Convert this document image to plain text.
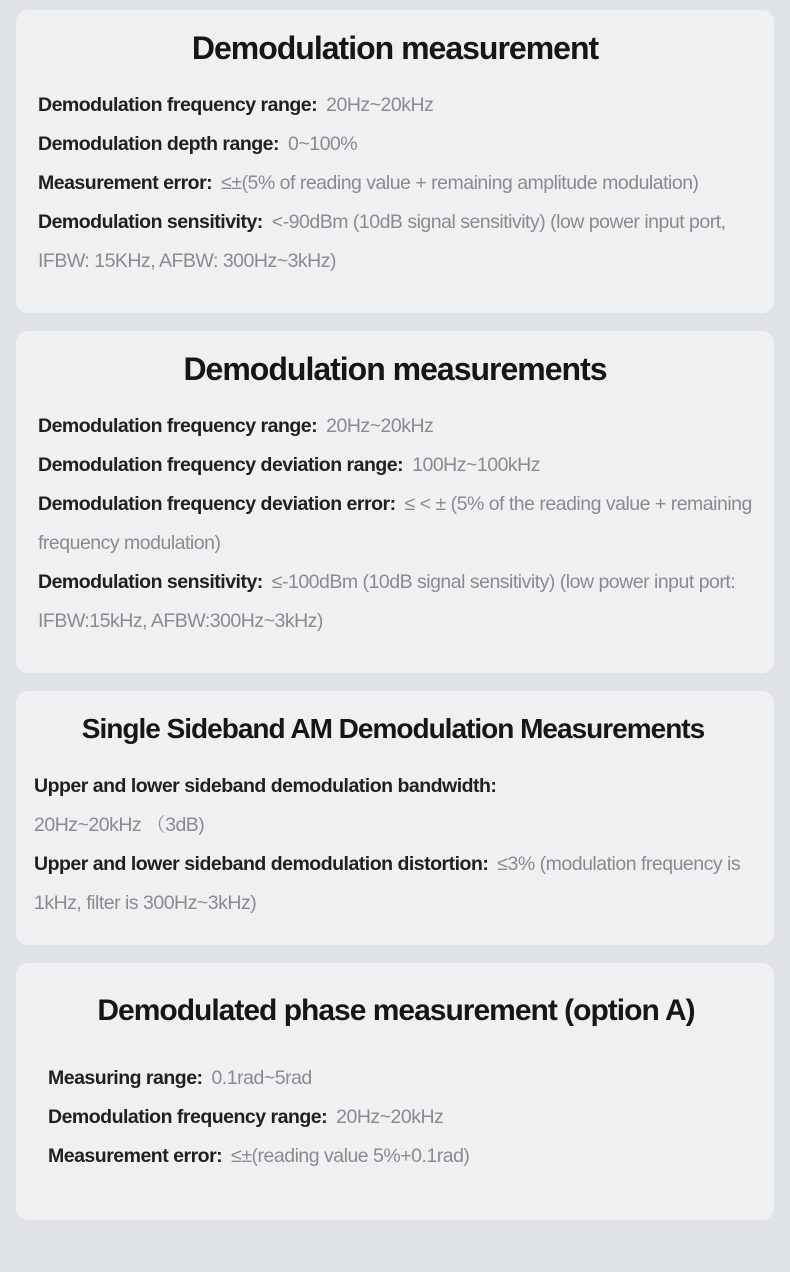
Demodulation measurement

Demodulation frequency range: 20Hz~20kHz

Demodulation depth range: 0~100%

Measurement error: ≤±(5% of reading value + remaining amplitude modulation)

Demodulation sensitivity: <-90dBm (10dB signal sensitivity) (low power input port, IFBW: 15KHz, AFBW: 300Hz~3kHz)

Demodulation measurements

Demodulation frequency range: 20Hz~20kHz

Demodulation frequency deviation range: 100Hz~100kHz

Demodulation frequency deviation error: ≤ < ± (5% of the reading value + remaining frequency modulation)

Demodulation sensitivity: ≤-100dBm (10dB signal sensitivity) (low power input port: IFBW:15kHz, AFBW:300Hz~3kHz)

Single Sideband AM Demodulation Measurements

Upper and lower sideband demodulation bandwidth:
20Hz~20kHz （3dB)

Upper and lower sideband demodulation distortion: ≤3% (modulation frequency is 1kHz, filter is 300Hz~3kHz)

Demodulated phase measurement (option A)

Measuring range: 0.1rad~5rad

Demodulation frequency range: 20Hz~20kHz

Measurement error: ≤±(reading value 5%+0.1rad)
